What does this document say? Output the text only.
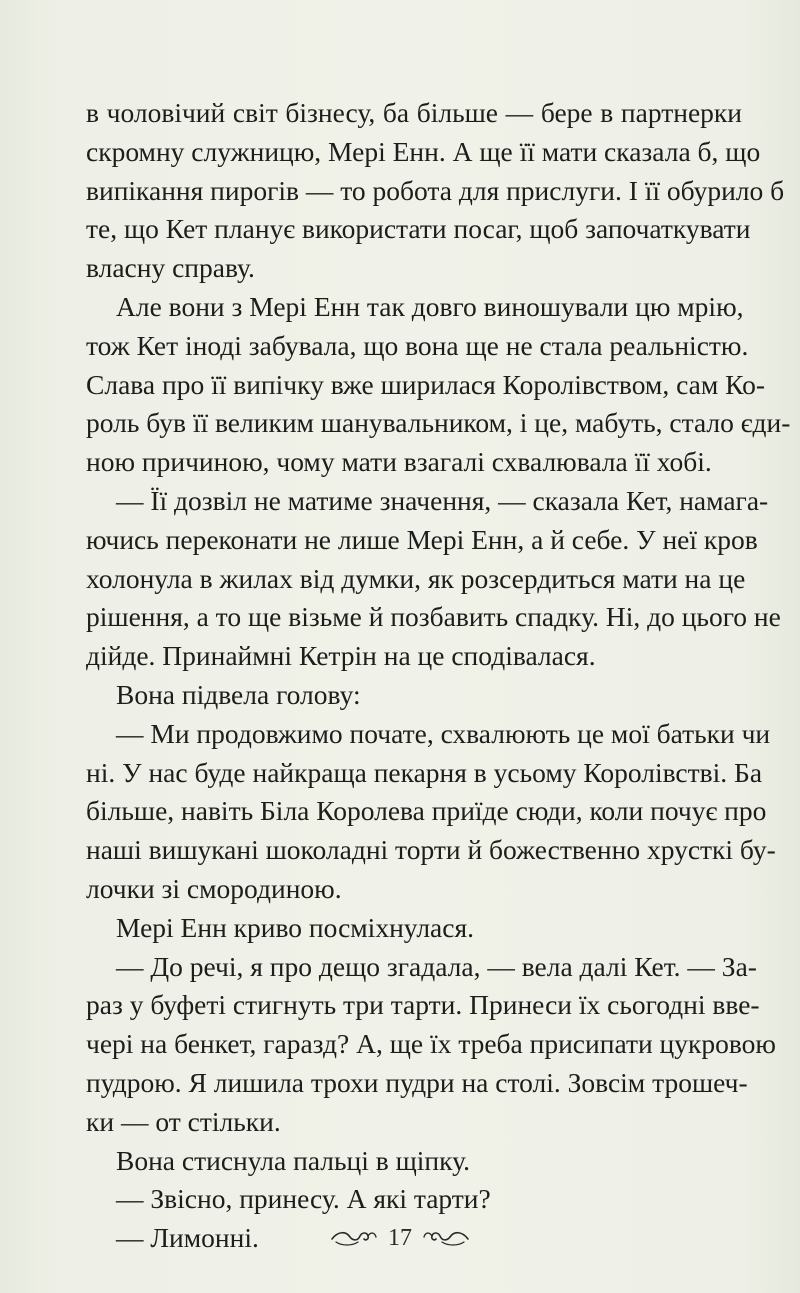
в чоловічий світ бізнесу, ба більше — бере в партнерки
скромну служницю, Мері Енн. А ще її мати сказала б, що
випікання пирогів — то робота для прислуги. І її обурило б
те, що Кет планує використати посаг, щоб започаткувати
власну справу.
Але вони з Мері Енн так довго виношували цю мрію,
тож Кет іноді забувала, що вона ще не стала реальністю.
Слава про її випічку вже ширилася Королівством, сам Ко-
роль був її великим шанувальником, і це, мабуть, стало єди-
ною причиною, чому мати взагалі схвалювала її хобі.
— Її дозвіл не матиме значення, — сказала Кет, намага-
ючись переконати не лише Мері Енн, а й себе. У неї кров
холонула в жилах від думки, як розсердиться мати на це
рішення, а то ще візьме й позбавить спадку. Ні, до цього не
дійде. Принаймні Кетрін на це сподівалася.
Вона підвела голову:
— Ми продовжимо почате, схвалюють це мої батьки чи
ні. У нас буде найкраща пекарня в усьому Королівстві. Ба
більше, навіть Біла Королева приїде сюди, коли почує про
наші вишукані шоколадні торти й божественно хрусткі бу-
лочки зі смородиною.
Мері Енн криво посміхнулася.
— До речі, я про дещо згадала, — вела далі Кет. — За-
раз у буфеті стигнуть три тарти. Принеси їх сьогодні вве-
чері на бенкет, гаразд? А, ще їх треба присипати цукровою
пудрою. Я лишила трохи пудри на столі. Зовсім трошеч-
ки — от стільки.
Вона стиснула пальці в щіпку.
— Звісно, принесу. А які тарти?
— Лимонні.	17
